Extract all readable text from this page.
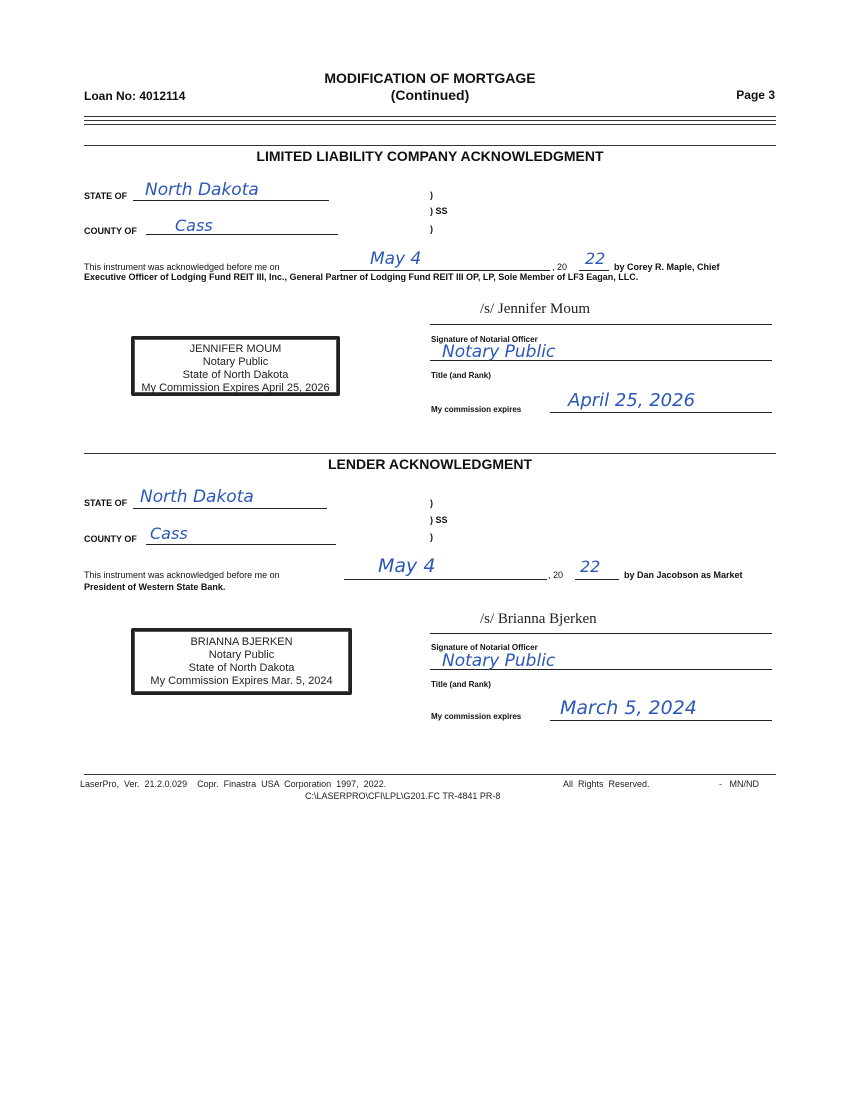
Loan No: 4012114
MODIFICATION OF MORTGAGE
(Continued)	Page 3
LIMITED LIABILITY COMPANY ACKNOWLEDGMENT
STATE OF North Dakota
COUNTY OF Cass
)
) SS
)
This instrument was acknowledged before me on	May 4	, 20 22 by Corey R. Maple, Chief
Executive Officer of Lodging Fund REIT III, Inc., General Partner of Lodging Fund REIT III OP, LP, Sole Member of LF3 Eagan, LLC.
/s/ Jennifer Moum
Signature of Notarial Officer
Notary Public
Title (and Rank)
My commission expires	April 25, 2026
JENNIFER MOUM
Notary Public
State of North Dakota
My Commission Expires April 25, 2026
LENDER ACKNOWLEDGMENT
STATE OF North Dakota
COUNTY OF Cass
)
) SS
)
This instrument was acknowledged before me on	May 4	, 20 22	by Dan Jacobson as Market
President of Western State Bank.
/s/ Brianna Bjerken
Signature of Notarial Officer
Notary Public
Title (and Rank)
My commission expires March 5, 2024
BRIANNA BJERKEN
Notary Public
State of North Dakota
My Commission Expires Mar. 5, 2024
LaserPro,  Ver.  21.2.0.029    Copr.  Finastra  USA  Corporation  1997,  2022.	All  Rights  Reserved.	-   MN/ND
C:\LASERPRO\CFI\LPL\G201.FC TR-4841 PR-8
